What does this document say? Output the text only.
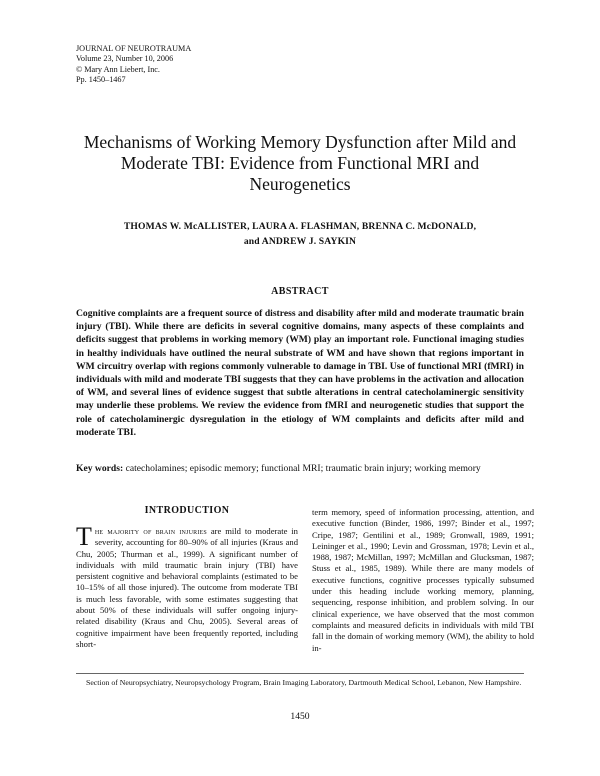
JOURNAL OF NEUROTRAUMA
Volume 23, Number 10, 2006
© Mary Ann Liebert, Inc.
Pp. 1450–1467
Mechanisms of Working Memory Dysfunction after Mild and Moderate TBI: Evidence from Functional MRI and Neurogenetics
THOMAS W. McALLISTER, LAURA A. FLASHMAN, BRENNA C. McDONALD,
and ANDREW J. SAYKIN
ABSTRACT
Cognitive complaints are a frequent source of distress and disability after mild and moderate traumatic brain injury (TBI). While there are deficits in several cognitive domains, many aspects of these complaints and deficits suggest that problems in working memory (WM) play an important role. Functional imaging studies in healthy individuals have outlined the neural substrate of WM and have shown that regions important in WM circuitry overlap with regions commonly vulnerable to damage in TBI. Use of functional MRI (fMRI) in individuals with mild and moderate TBI suggests that they can have problems in the activation and allocation of WM, and several lines of evidence suggest that subtle alterations in central catecholaminergic sensitivity may underlie these problems. We review the evidence from fMRI and neurogenetic studies that support the role of catecholaminergic dysregulation in the etiology of WM complaints and deficits after mild and moderate TBI.
Key words: catecholamines; episodic memory; functional MRI; traumatic brain injury; working memory
INTRODUCTION

The majority of brain injuries are mild to moderate in severity, accounting for 80–90% of all injuries (Kraus and Chu, 2005; Thurman et al., 1999). A significant number of individuals with mild traumatic brain injury (TBI) have persistent cognitive and behavioral complaints (estimated to be 10–15% of all those injured). The outcome from moderate TBI is much less favorable, with some estimates suggesting that about 50% of these individuals will suffer ongoing injury-related disability (Kraus and Chu, 2005). Several areas of cognitive impairment have been frequently reported, including short-

term memory, speed of information processing, attention, and executive function (Binder, 1986, 1997; Binder et al., 1997; Cripe, 1987; Gentilini et al., 1989; Gronwall, 1989, 1991; Leininger et al., 1990; Levin and Grossman, 1978; Levin et al., 1988, 1987; McMillan, 1997; McMillan and Glucksman, 1987; Stuss et al., 1985, 1989). While there are many models of executive functions, cognitive processes typically subsumed under this heading include working memory, planning, sequencing, response inhibition, and problem solving. In our clinical experience, we have observed that the most common complaints and measured deficits in individuals with mild TBI fall in the domain of working memory (WM), the ability to hold in-

Section of Neuropsychiatry, Neuropsychology Program, Brain Imaging Laboratory, Dartmouth Medical School, Lebanon, New Hampshire.
1450
